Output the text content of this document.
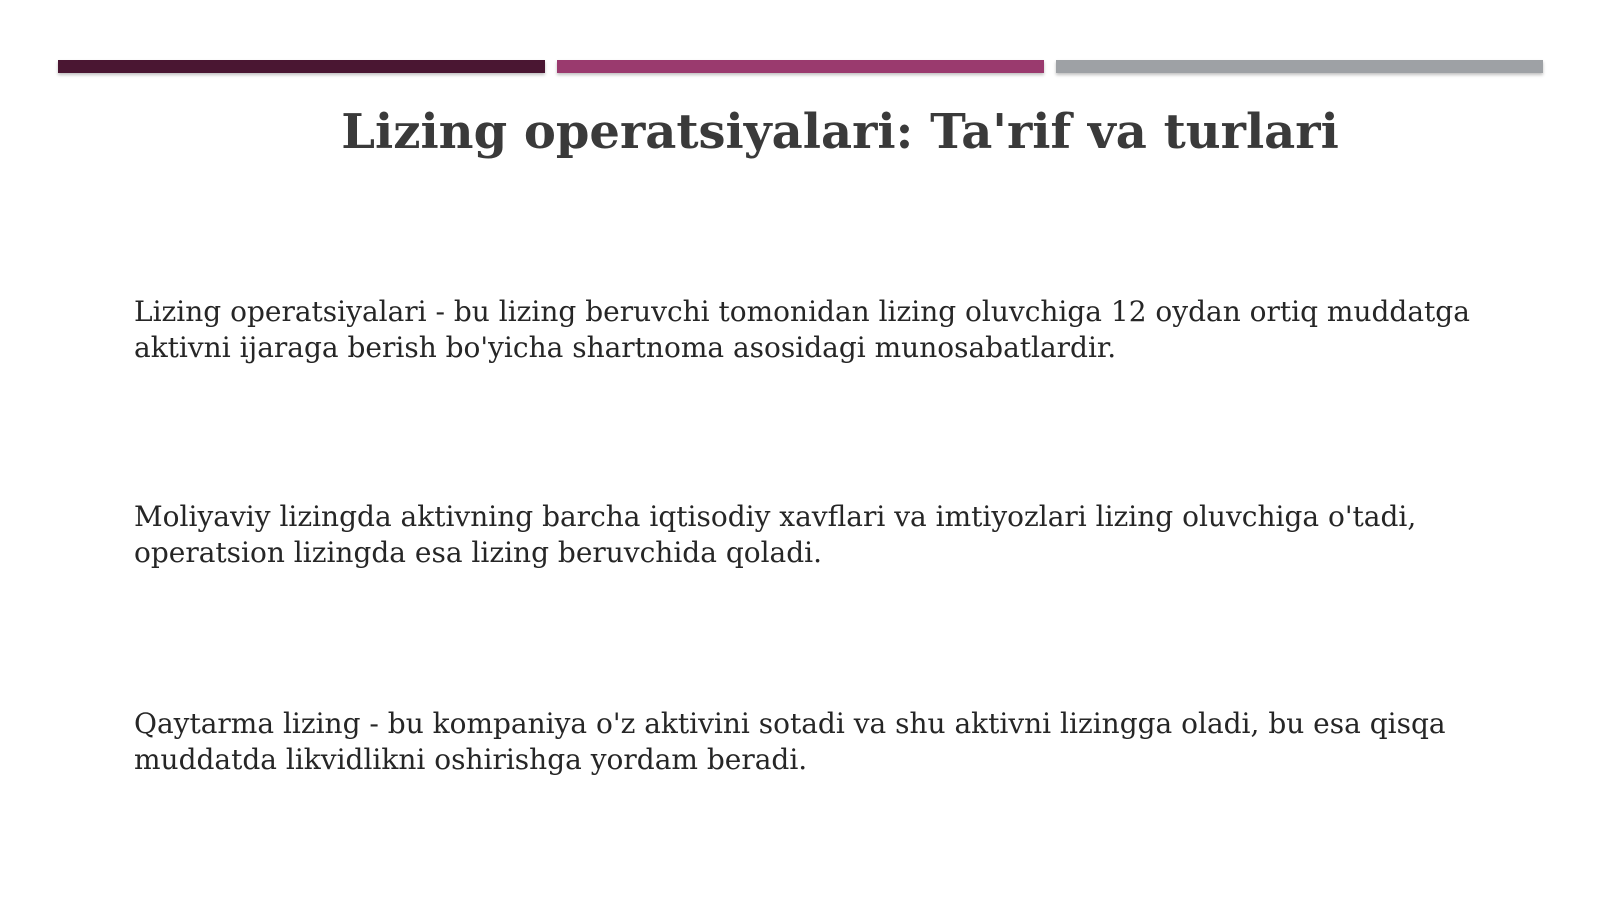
Lizing operatsiyalari: Ta'rif va turlari

Lizing operatsiyalari - bu lizing beruvchi tomonidan lizing oluvchiga 12 oydan ortiq muddatga aktivni ijaraga berish bo'yicha shartnoma asosidagi munosabatlardir.

Moliyaviy lizingda aktivning barcha iqtisodiy xavflari va imtiyozlari lizing oluvchiga o'tadi, operatsion lizingda esa lizing beruvchida qoladi.

Qaytarma lizing - bu kompaniya o'z aktivini sotadi va shu aktivni lizingga oladi, bu esa qisqa muddatda likvidlikni oshirishga yordam beradi.
